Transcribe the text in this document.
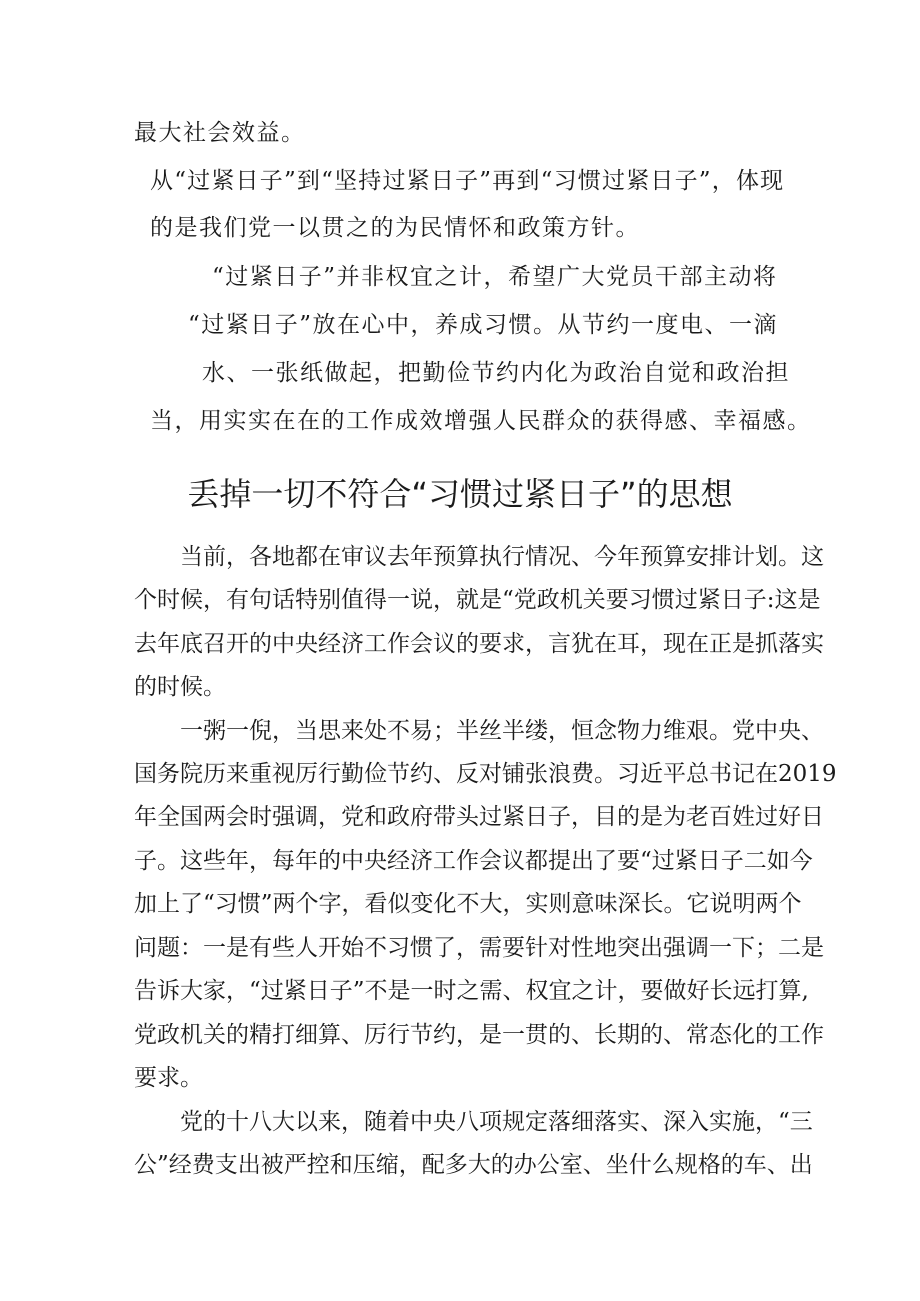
最大社会效益。
从“过紧日子”到“坚持过紧日子”再到“习惯过紧日子”，体现
的是我们党一以贯之的为民情怀和政策方针。
“过紧日子”并非权宜之计，希望广大党员干部主动将
“过紧日子”放在心中，养成习惯。从节约一度电、一滴
水、一张纸做起，把勤俭节约内化为政治自觉和政治担
当，用实实在在的工作成效增强人民群众的获得感、幸福感。
丢掉一切不符合“习惯过紧日子”的思想
当前，各地都在审议去年预算执行情况、今年预算安排计划。这
个时候，有句话特别值得一说，就是“党政机关要习惯过紧日子:这是
去年底召开的中央经济工作会议的要求，言犹在耳，现在正是抓落实
的时候。
一粥一倪，当思来处不易；半丝半缕，恒念物力维艰。党中央、
国务院历来重视厉行勤俭节约、反对铺张浪费。习近平总书记在2019
年全国两会时强调，党和政府带头过紧日子，目的是为老百姓过好日
子。这些年，每年的中央经济工作会议都提出了要“过紧日子二如今
加上了“习惯”两个字，看似变化不大，实则意味深长。它说明两个
问题：一是有些人开始不习惯了，需要针对性地突出强调一下；二是
告诉大家，“过紧日子”不是一时之需、权宜之计，要做好长远打算,
党政机关的精打细算、厉行节约，是一贯的、长期的、常态化的工作
要求。
党的十八大以来，随着中央八项规定落细落实、深入实施，“三
公”经费支出被严控和压缩，配多大的办公室、坐什么规格的车、出
